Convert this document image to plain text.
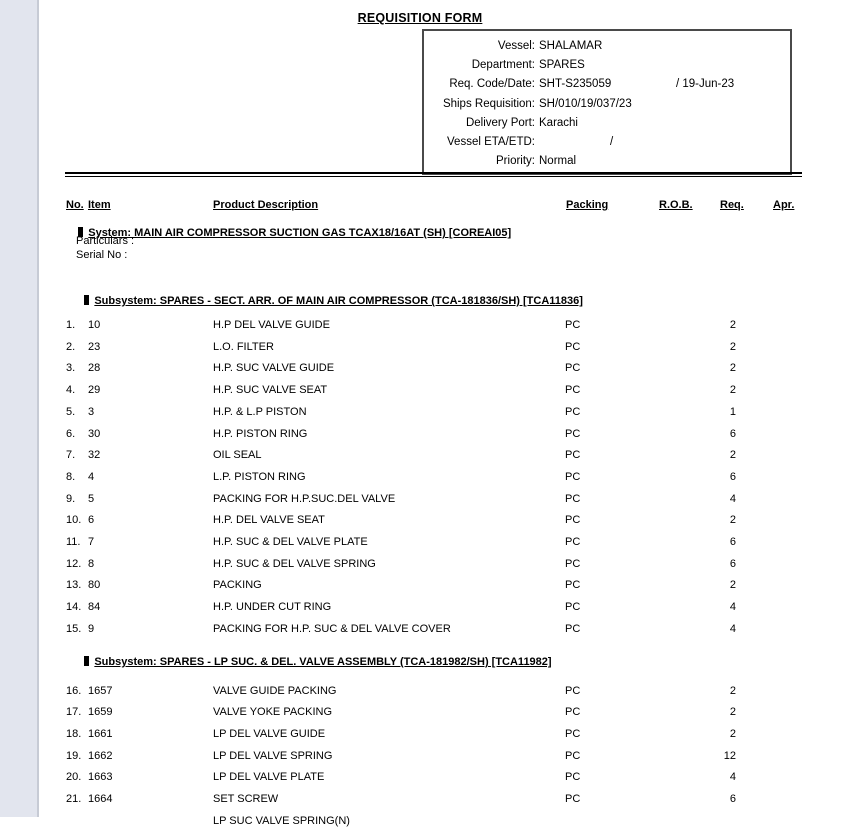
REQUISITION FORM
Vessel: SHALAMAR
Department: SPARES
Req. Code/Date: SHT-S235059	/ 19-Jun-23
Ships Requisition: SH/010/19/037/23
Delivery Port: Karachi
Vessel ETA/ETD:	/
Priority: Normal
No. Item	Product Description	Packing	R.O.B. Req.	Apr.

System: MAIN AIR COMPRESSOR SUCTION GAS TCAX18/16AT (SH) [COREAI05]

Particulars :
Serial No :

Subsystem: SPARES - SECT. ARR. OF MAIN AIR COMPRESSOR (TCA-181836/SH) [TCA11836]

1. 10	H.P DEL VALVE GUIDE	PC	2
2. 23	L.O. FILTER	PC	2
3. 28	H.P. SUC VALVE GUIDE	PC	2
4. 29	H.P. SUC VALVE SEAT	PC	2
5. 3	H.P. & L.P PISTON	PC	1
6. 30	H.P. PISTON RING	PC	6
7. 32	OIL SEAL	PC	2
8. 4	L.P. PISTON RING	PC	6
9. 5	PACKING FOR H.P.SUC.DEL VALVE	PC	4
10. 6	H.P. DEL VALVE SEAT	PC	2
11. 7	H.P. SUC & DEL VALVE PLATE	PC	6
12. 8	H.P. SUC & DEL VALVE SPRING	PC	6
13. 80	PACKING	PC	2
14. 84	H.P. UNDER CUT RING	PC	4
15. 9	PACKING FOR H.P. SUC & DEL VALVE COVER	PC	4

Subsystem: SPARES - LP SUC. & DEL. VALVE ASSEMBLY (TCA-181982/SH) [TCA11982]

16. 1657	VALVE GUIDE PACKING	PC	2
17. 1659	VALVE YOKE PACKING	PC	2
18. 1661	LP DEL VALVE GUIDE	PC	2
19. 1662	LP DEL VALVE SPRING	PC	12
20. 1663	LP DEL VALVE PLATE	PC	4
21. 1664	SET SCREW	PC	6
LP SUC VALVE SPRING(N)
